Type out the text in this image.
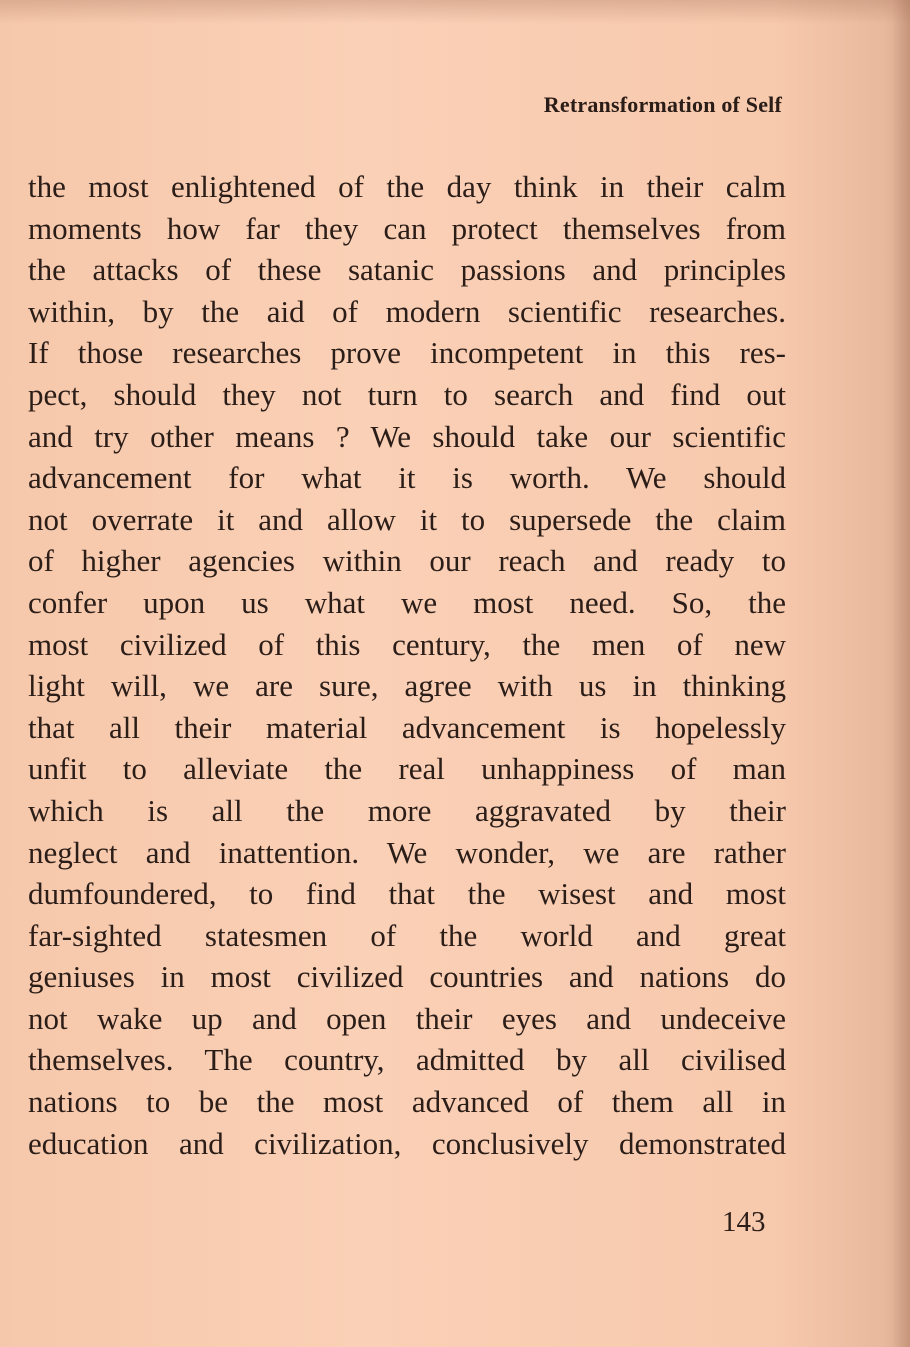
Retransformation of Self
the most enlightened of the day think in their calm
moments how far they can protect themselves from
the attacks of these satanic passions and principles
within, by the aid of modern scientific researches.
If those researches prove incompetent in this res-
pect, should they not turn to search and find out
and try other means ? We should take our scientific
advancement for what it is worth. We should
not overrate it and allow it to supersede the claim
of higher agencies within our reach and ready to
confer upon us what we most need. So, the
most civilized of this century, the men of new
light will, we are sure, agree with us in thinking
that all their material advancement is hopelessly
unfit to alleviate the real unhappiness of man
which is all the more aggravated by their
neglect and inattention. We wonder, we are rather
dumfoundered, to find that the wisest and most
far-sighted statesmen of the world and great
geniuses in most civilized countries and nations do
not wake up and open their eyes and undeceive
themselves. The country, admitted by all civilised
nations to be the most advanced of them all in
education and civilization, conclusively demonstrated
143
